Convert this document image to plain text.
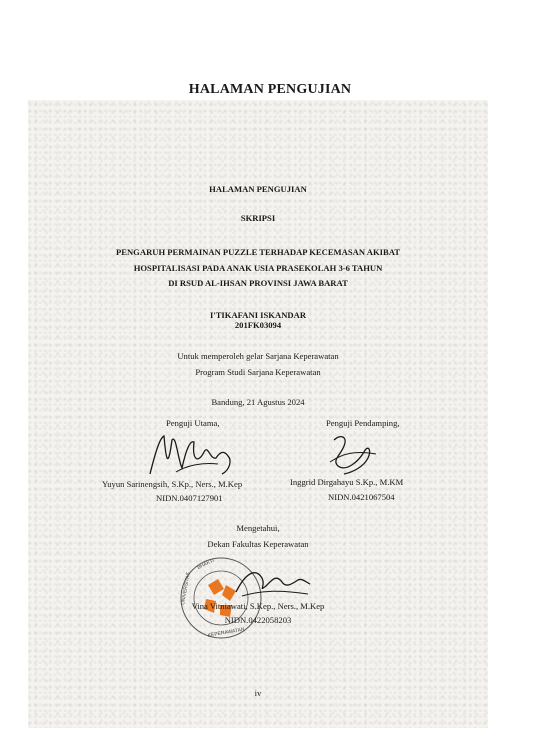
HALAMAN PENGUJIAN
HALAMAN PENGUJIAN
SKRIPSI
PENGARUH PERMAINAN PUZZLE TERHADAP KECEMASAN AKIBAT
HOSPITALISASI PADA ANAK USIA PRASEKOLAH 3-6 TAHUN
DI RSUD AL-IHSAN PROVINSI JAWA BARAT
I'TIKAFANI ISKANDAR
201FK03094
Untuk memperoleh gelar Sarjana Keperawatan
Program Studi Sarjana Keperawatan
Bandung, 21 Agustus 2024
Penguji Utama,	Penguji Pendamping,
Yuyun Sarinengsih, S.Kp., Ners., M.Kep	Inggrid Dirgahayu S.Kp., M.KM
NIDN.0407127901	NIDN.0421067504
Mengetahui,
Dekan Fakultas Keperawatan
BHAKTI
UNIVERSITAS
KEPERAWATAN
Vina Vitniawati, S.Kep., Ners., M.Kep
NIDN.0422058203
iv
